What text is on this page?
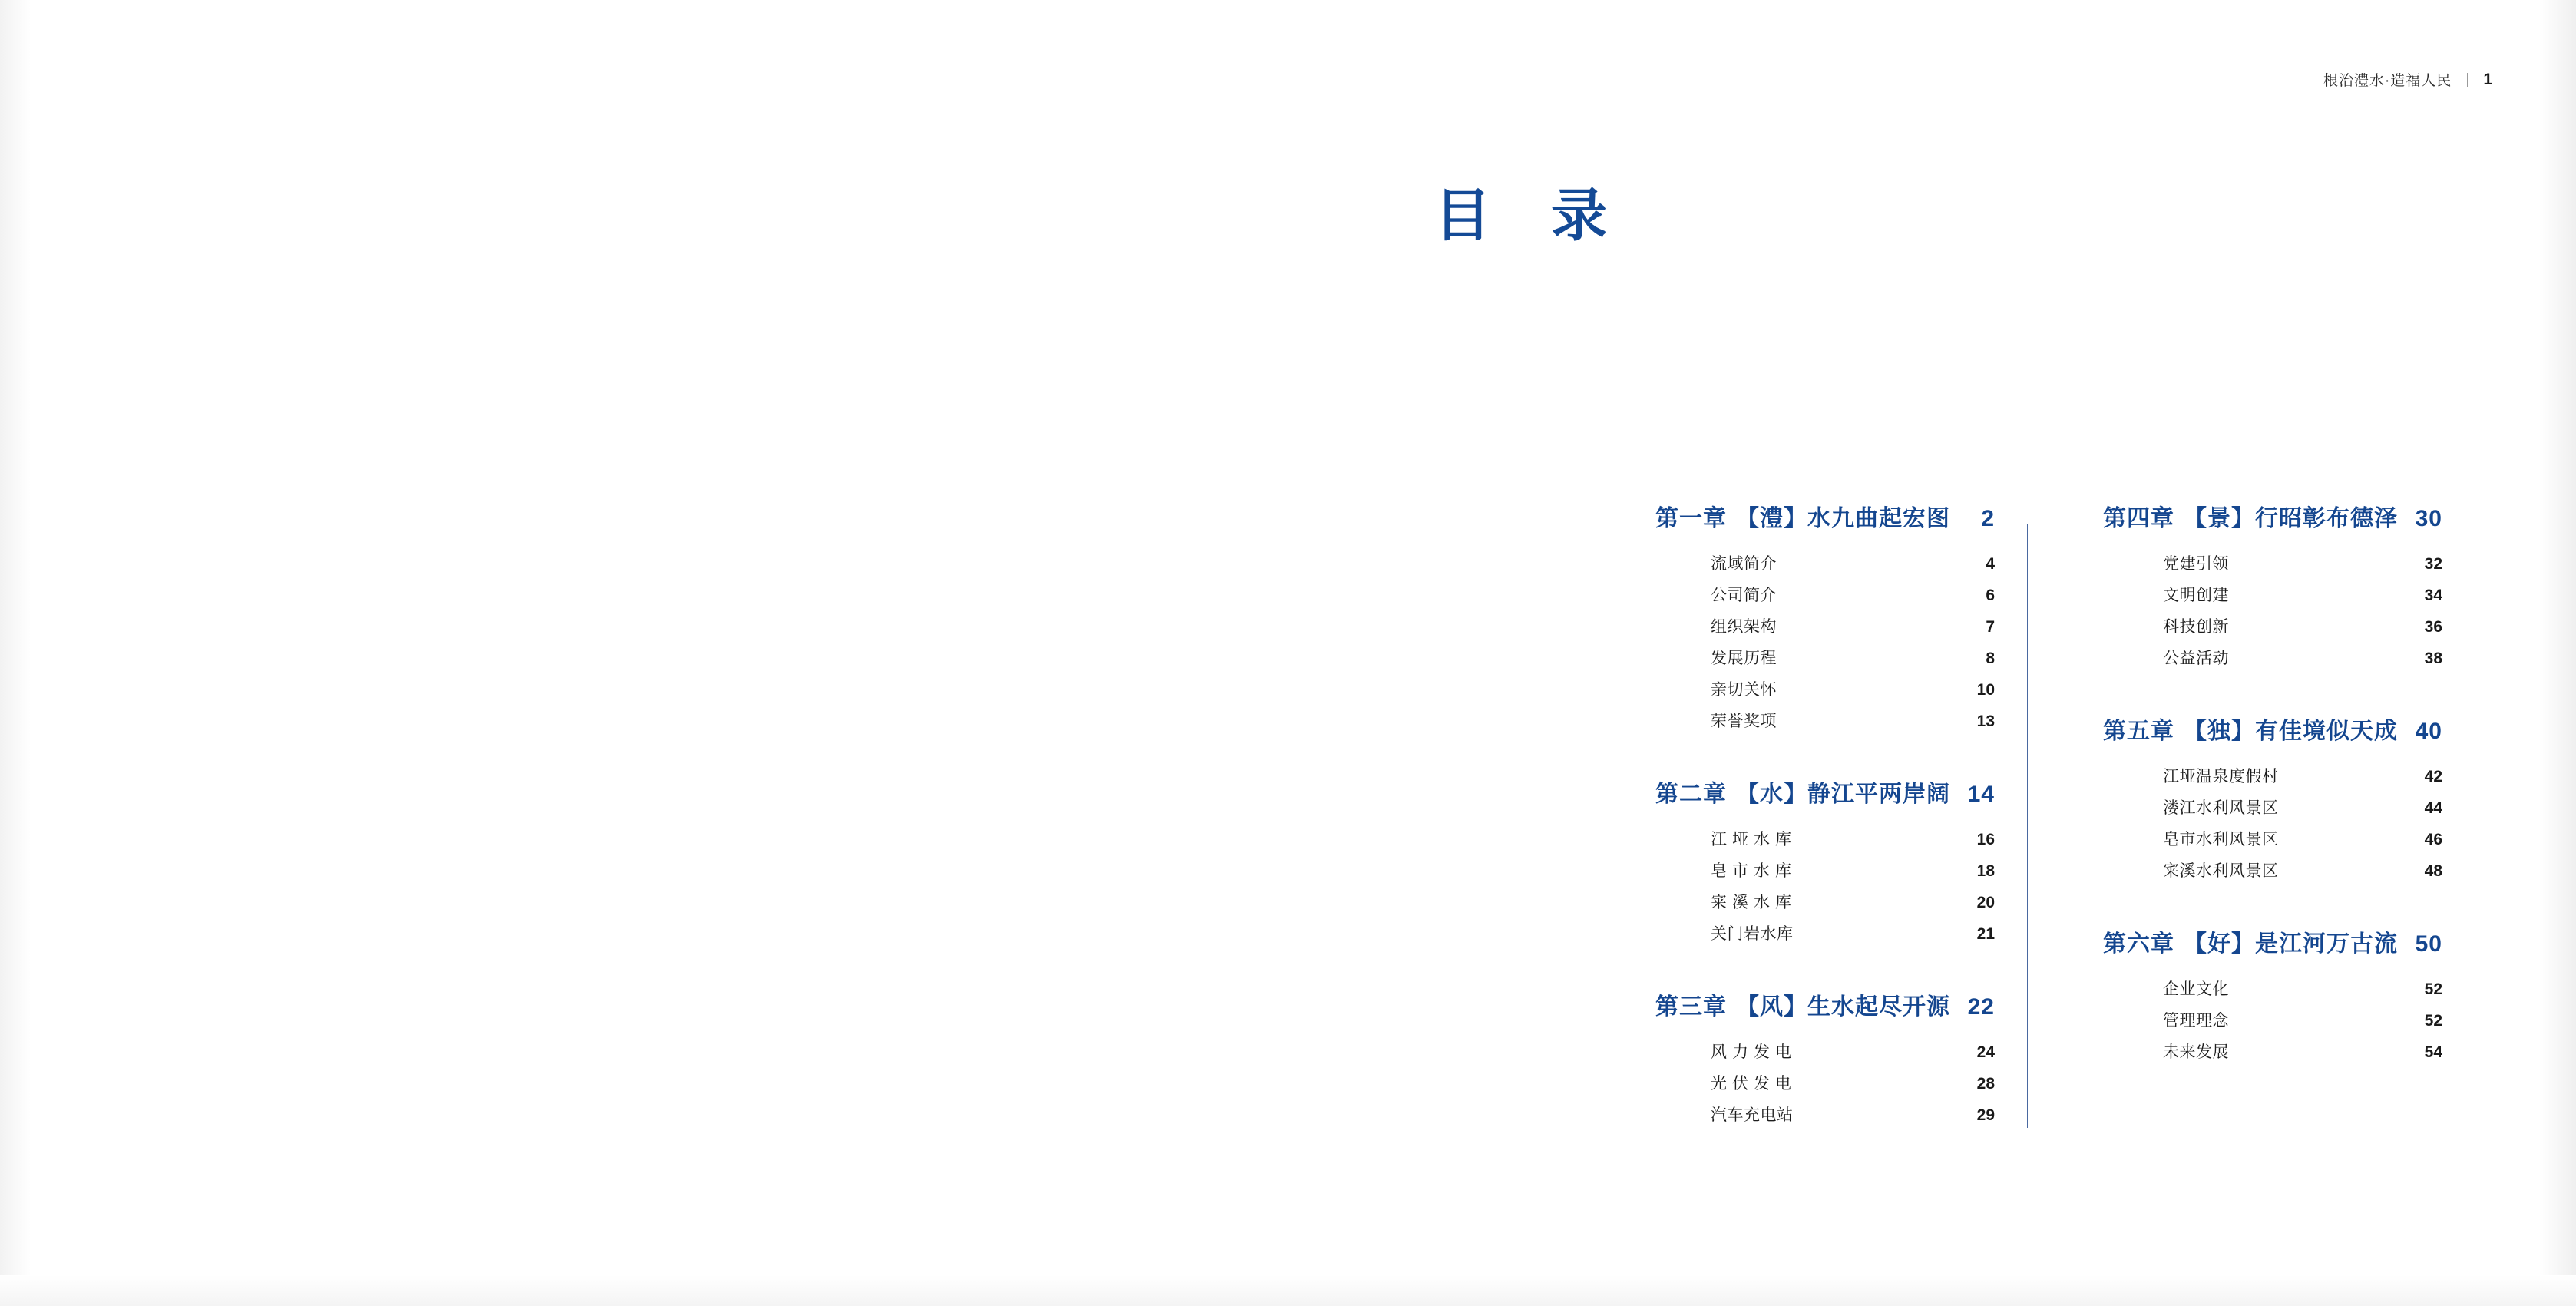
根治澧水·造福人民 1
目 录
第一章 【澧】水九曲起宏图	2
流域简介	4
公司简介	6
组织架构	7
发展历程	8
亲切关怀	10
荣誉奖项	13
第二章 【水】静江平两岸阔 14
江垭水库	16
皂市水库	18
宷溪水库	20
关门岩水库	21
第三章 【风】生水起尽开源 22
风力发电	24
光伏发电	28
汽车充电站	29
第四章 【景】行昭彰布德泽 30
党建引领	32
文明创建	34
科技创新	36
公益活动	38
第五章 【独】有佳境似天成 40
江垭温泉度假村	42
溇江水利风景区	44
皂市水利风景区	46
宷溪水利风景区	48
第六章 【好】是江河万古流 50
企业文化	52
管理理念	52
未来发展	54
